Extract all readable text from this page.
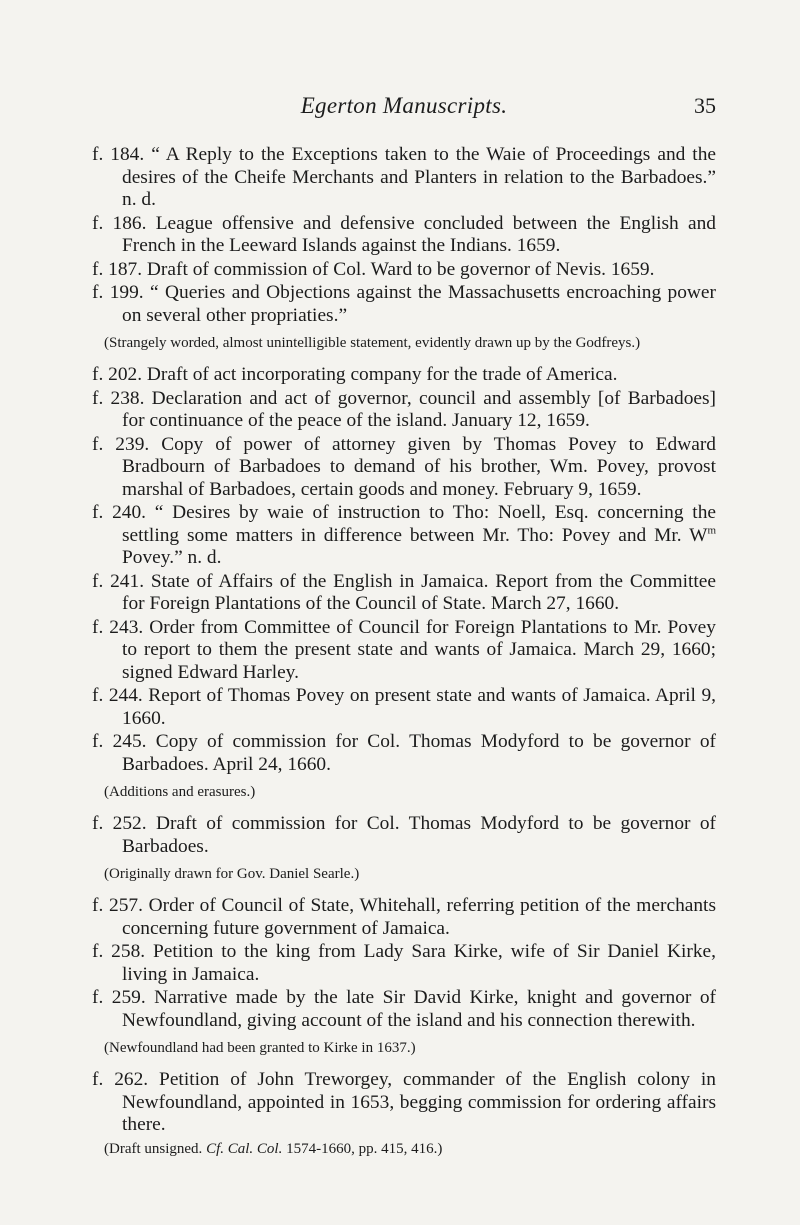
Egerton Manuscripts.	35

f. 184. “ A Reply to the Exceptions taken to the Waie of Proceedings and the desires of the Cheife Merchants and Planters in relation to the Barbadoes.” n. d.

f. 186. League offensive and defensive concluded between the English and French in the Leeward Islands against the Indians. 1659.

f. 187. Draft of commission of Col. Ward to be governor of Nevis. 1659.

f. 199. “ Queries and Objections against the Massachusetts encroaching power on several other propriaties.”

(Strangely worded, almost unintelligible statement, evidently drawn up by the Godfreys.)

f. 202. Draft of act incorporating company for the trade of America.

f. 238. Declaration and act of governor, council and assembly [of Barbadoes] for continuance of the peace of the island. January 12, 1659.

f. 239. Copy of power of attorney given by Thomas Povey to Edward Bradbourn of Barbadoes to demand of his brother, Wm. Povey, provost marshal of Barbadoes, certain goods and money. February 9, 1659.

f. 240. “ Desires by waie of instruction to Tho: Noell, Esq. concerning the settling some matters in difference between Mr. Tho: Povey and Mr. $W^m$ Povey.” n. d.

f. 241. State of Affairs of the English in Jamaica. Report from the Committee for Foreign Plantations of the Council of State. March 27, 1660.

f. 243. Order from Committee of Council for Foreign Plantations to Mr. Povey to report to them the present state and wants of Jamaica. March 29, 1660; signed Edward Harley.

f. 244. Report of Thomas Povey on present state and wants of Jamaica. April 9, 1660.

f. 245. Copy of commission for Col. Thomas Modyford to be governor of Barbadoes. April 24, 1660.

(Additions and erasures.)

f. 252. Draft of commission for Col. Thomas Modyford to be governor of Barbadoes.

(Originally drawn for Gov. Daniel Searle.)

f. 257. Order of Council of State, Whitehall, referring petition of the merchants concerning future government of Jamaica.

f. 258. Petition to the king from Lady Sara Kirke, wife of Sir Daniel Kirke, living in Jamaica.

f. 259. Narrative made by the late Sir David Kirke, knight and governor of Newfoundland, giving account of the island and his connection therewith.

(Newfoundland had been granted to Kirke in 1637.)

f. 262. Petition of John Treworgey, commander of the English colony in Newfoundland, appointed in 1653, begging commission for ordering affairs there.

(Draft unsigned. Cf. Cal. Col. 1574-1660, pp. 415, 416.)
